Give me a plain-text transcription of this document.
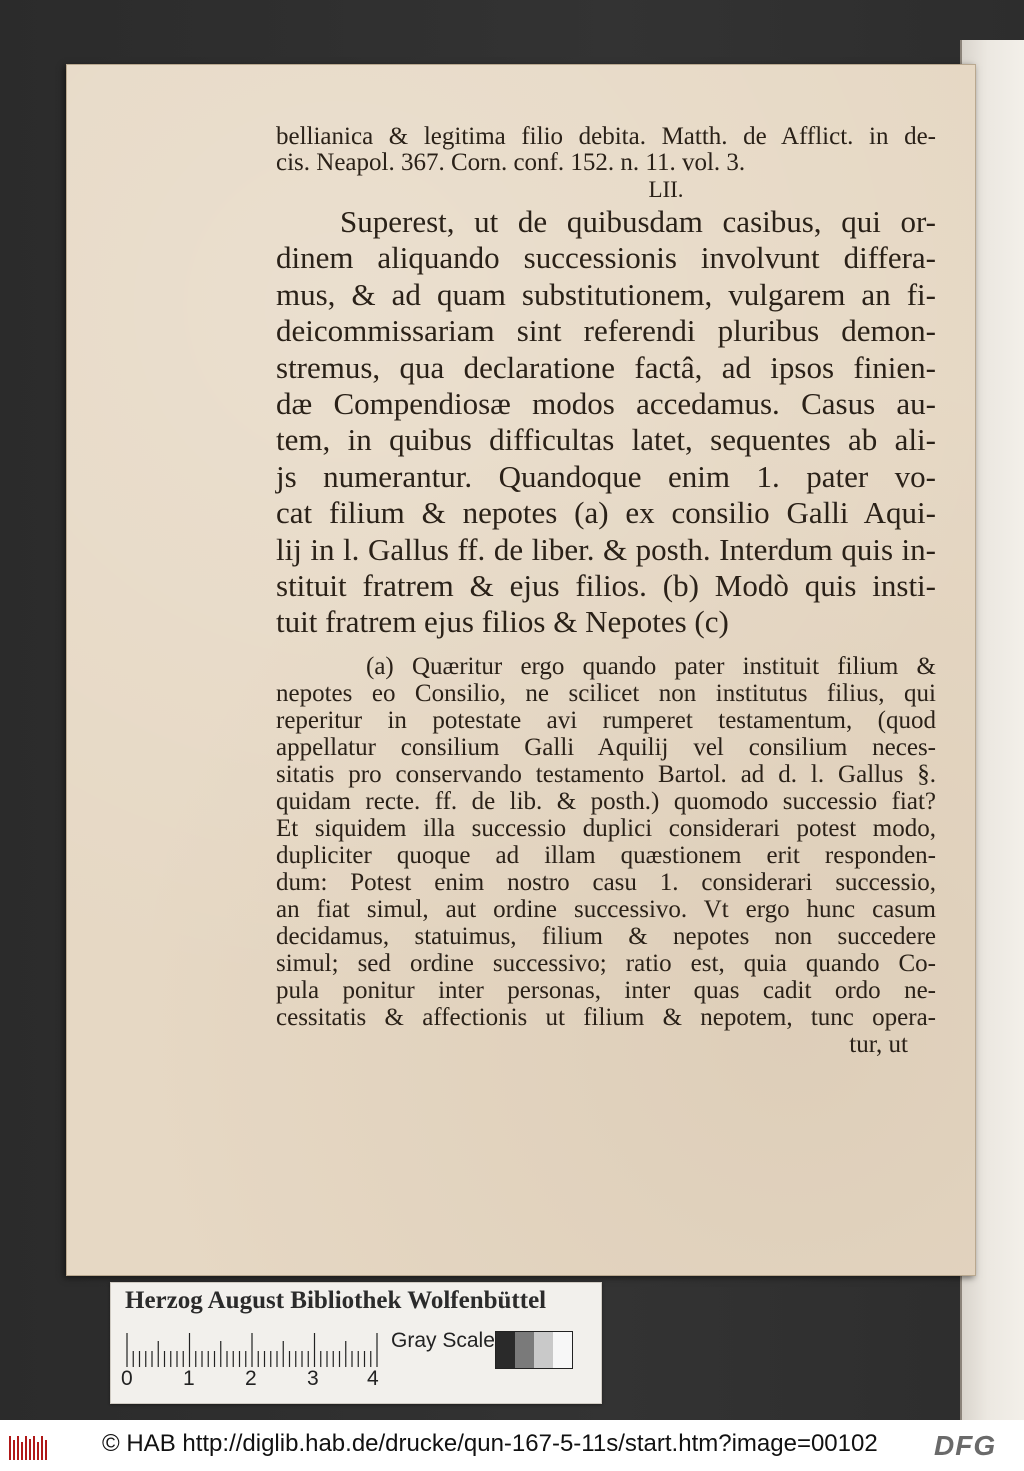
bellianica & legitima filio debita. Matth. de Afflict. in de-
cis. Neapol. 367. Corn. conf. 152. n. 11. vol. 3.
LII.
Superest, ut de quibusdam casibus, qui or-
dinem aliquando successionis involvunt differa-
mus, & ad quam substitutionem, vulgarem an fi-
deicommissariam sint referendi pluribus demon-
stremus, qua declaratione factâ, ad ipsos finien-
dæ Compendiosæ modos accedamus. Casus au-
tem, in quibus difficultas latet, sequentes ab ali-
js numerantur. Quandoque enim 1. pater vo-
cat filium & nepotes (a) ex consilio Galli Aqui-
lij in l. Gallus ff. de liber. & posth. Interdum quis in-
stituit fratrem & ejus filios. (b) Modò quis insti-
tuit fratrem ejus filios & Nepotes (c)
(a) Quæritur ergo quando pater instituit filium &
nepotes eo Consilio, ne scilicet non institutus filius, qui
reperitur in potestate avi rumperet testamentum, (quod
appellatur consilium Galli Aquilij vel consilium neces-
sitatis pro conservando testamento Bartol. ad d. l. Gallus §.
quidam recte. ff. de lib. & posth.) quomodo successio fiat?
Et siquidem illa successio duplici considerari potest modo,
dupliciter quoque ad illam quæstionem erit responden-
dum: Potest enim nostro casu 1. considerari successio,
an fiat simul, aut ordine successivo. Vt ergo hunc casum
decidamus, statuimus, filium & nepotes non succedere
simul; sed ordine successivo; ratio est, quia quando Co-
pula ponitur inter personas, inter quas cadit ordo ne-
cessitatis & affectionis ut filium & nepotem, tunc opera-
tur, ut
Herzog August Bibliothek Wolfenbüttel
0 1 2 3 4
Gray Scale
© HAB http://diglib.hab.de/drucke/qun-167-5-11s/start.htm?image=00102 DFG
